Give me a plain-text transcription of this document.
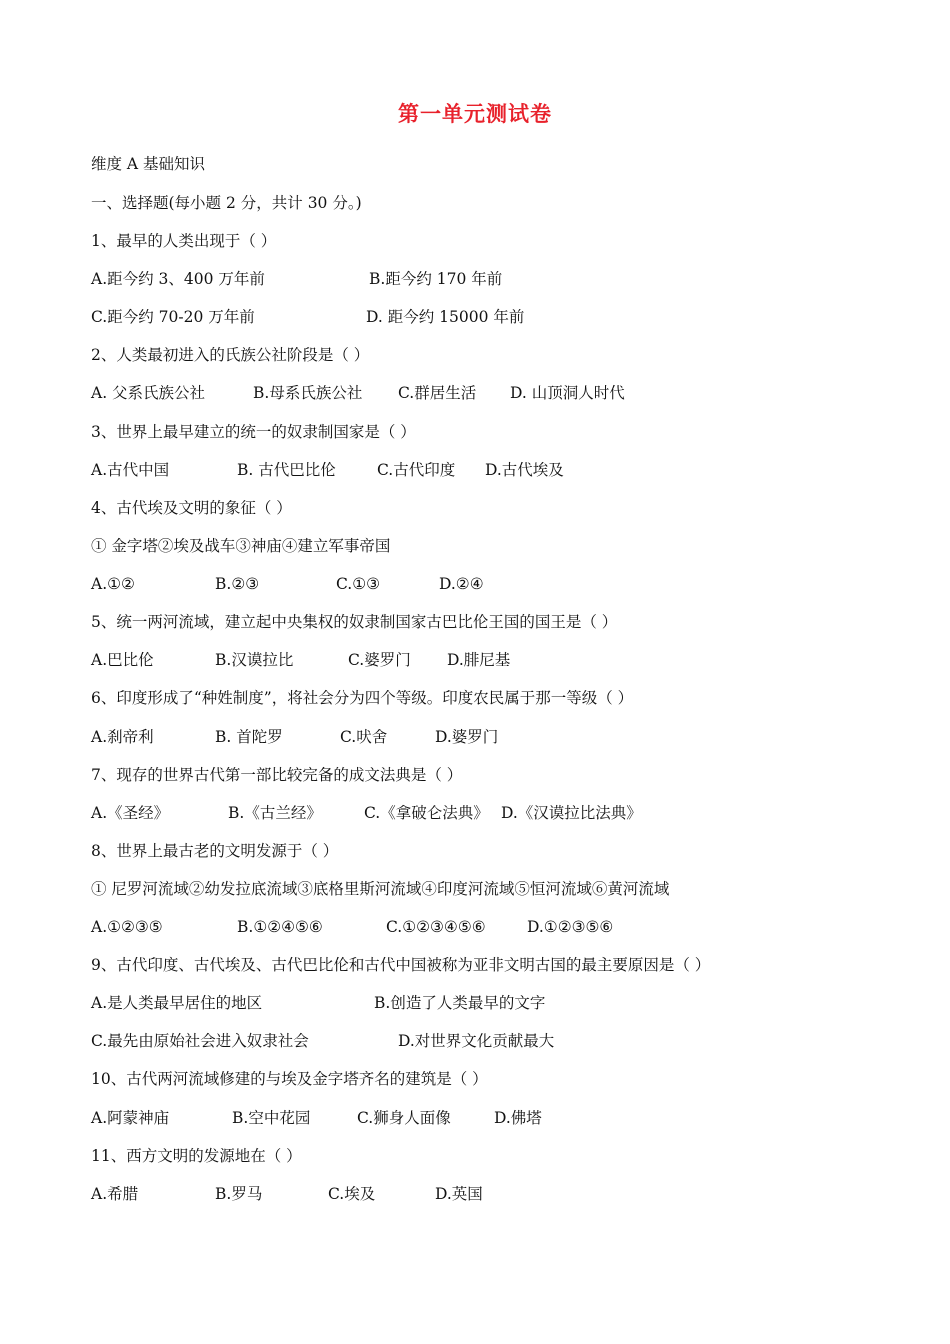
第一单元测试卷
维度 A 基础知识
一、选择题(每小题 2 分，共计 30 分。)
1、最早的人类出现于（ ）
A.距今约 3、400 万年前	B.距今约 170 年前
C.距今约 70-20 万年前	D. 距今约 15000 年前
2、人类最初进入的氏族公社阶段是（ ）
A. 父系氏族公社	B.母系氏族公社 C.群居生活 D. 山顶洞人时代
3、世界上最早建立的统一的奴隶制国家是（ ）
A.古代中国	B. 古代巴比伦	C.古代印度 D.古代埃及
4、古代埃及文明的象征（ ）
① 金字塔②埃及战车③神庙④建立军事帝国
A.①②	B.②③	C.①③	D.②④
5、统一两河流域，建立起中央集权的奴隶制国家古巴比伦王国的国王是（ ）
A.巴比伦	B.汉谟拉比	C.婆罗门 D.腓尼基
6、印度形成了“种姓制度”，将社会分为四个等级。印度农民属于那一等级（ ）
A.刹帝利	B. 首陀罗	C.吠舍	D.婆罗门
7、现存的世界古代第一部比较完备的成文法典是（ ）
A.《圣经》	B.《古兰经》	C.《拿破仑法典》 D.《汉谟拉比法典》
8、世界上最古老的文明发源于（ ）
① 尼罗河流域②幼发拉底流域③底格里斯河流域④印度河流域⑤恒河流域⑥黄河流域
A.①②③⑤	B.①②④⑤⑥	C.①②③④⑤⑥	D.①②③⑤⑥
9、古代印度、古代埃及、古代巴比伦和古代中国被称为亚非文明古国的最主要原因是（ ）
A.是人类最早居住的地区	B.创造了人类最早的文字
C.最先由原始社会进入奴隶社会	D.对世界文化贡献最大
10、古代两河流域修建的与埃及金字塔齐名的建筑是（ ）
A.阿蒙神庙	B.空中花园	C.狮身人面像	D.佛塔
11、西方文明的发源地在（ ）
A.希腊	B.罗马	C.埃及	D.英国
